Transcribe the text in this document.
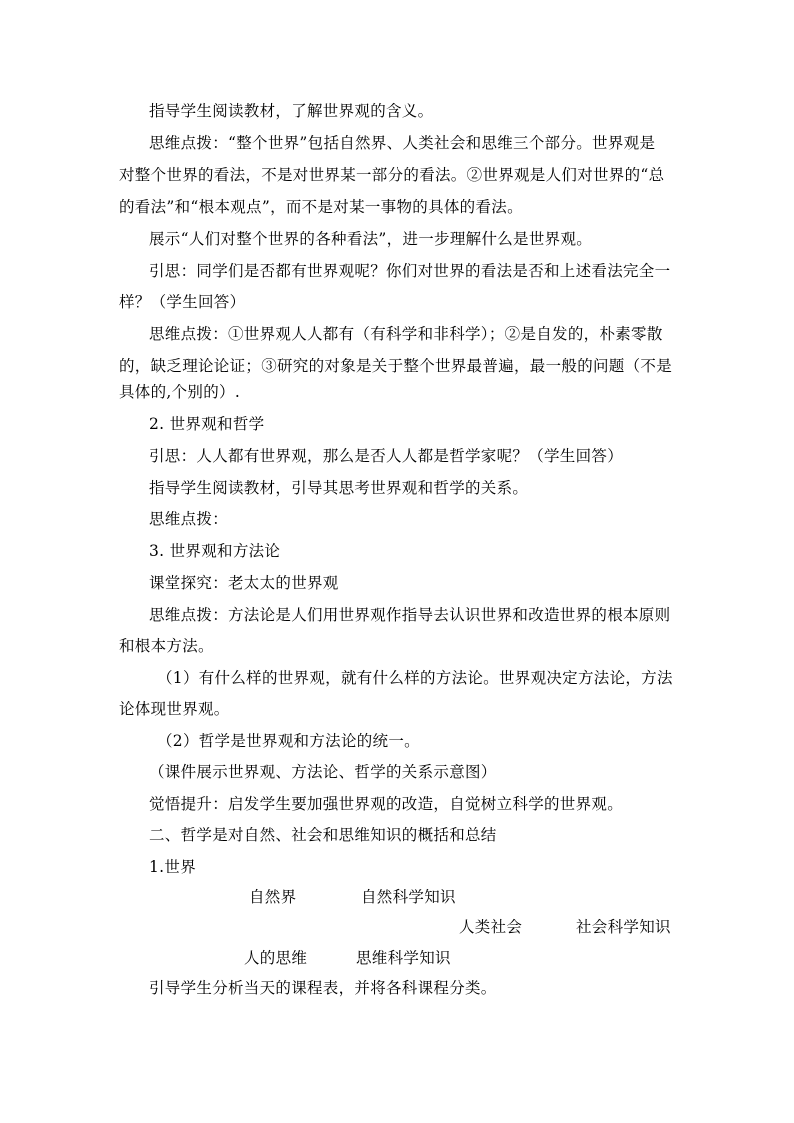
指导学生阅读教材，了解世界观的含义。
思维点拨：“整个世界”包括自然界、人类社会和思维三个部分。世界观是
对整个世界的看法，不是对世界某一部分的看法。②世界观是人们对世界的“总
的看法”和“根本观点”，而不是对某一事物的具体的看法。
展示“人们对整个世界的各种看法”，进一步理解什么是世界观。
引思：同学们是否都有世界观呢？你们对世界的看法是否和上述看法完全一
样？（学生回答）
思维点拨：①世界观人人都有（有科学和非科学）；②是自发的，朴素零散
的，缺乏理论论证；③研究的对象是关于整个世界最普遍，最一般的问题（不是
具体的,个别的）.
2. 世界观和哲学
引思：人人都有世界观，那么是否人人都是哲学家呢？（学生回答）
指导学生阅读教材，引导其思考世界观和哲学的关系。
思维点拨：
3. 世界观和方法论
课堂探究：老太太的世界观
思维点拨：方法论是人们用世界观作指导去认识世界和改造世界的根本原则
和根本方法。
（1）有什么样的世界观，就有什么样的方法论。世界观决定方法论，方法
论体现世界观。
（2）哲学是世界观和方法论的统一。
（课件展示世界观、方法论、哲学的关系示意图）
觉悟提升：启发学生要加强世界观的改造，自觉树立科学的世界观。
二、哲学是对自然、社会和思维知识的概括和总结
1.世界
自然界	自然科学知识
人类社会	社会科学知识
人的思维	思维科学知识
引导学生分析当天的课程表，并将各科课程分类。
